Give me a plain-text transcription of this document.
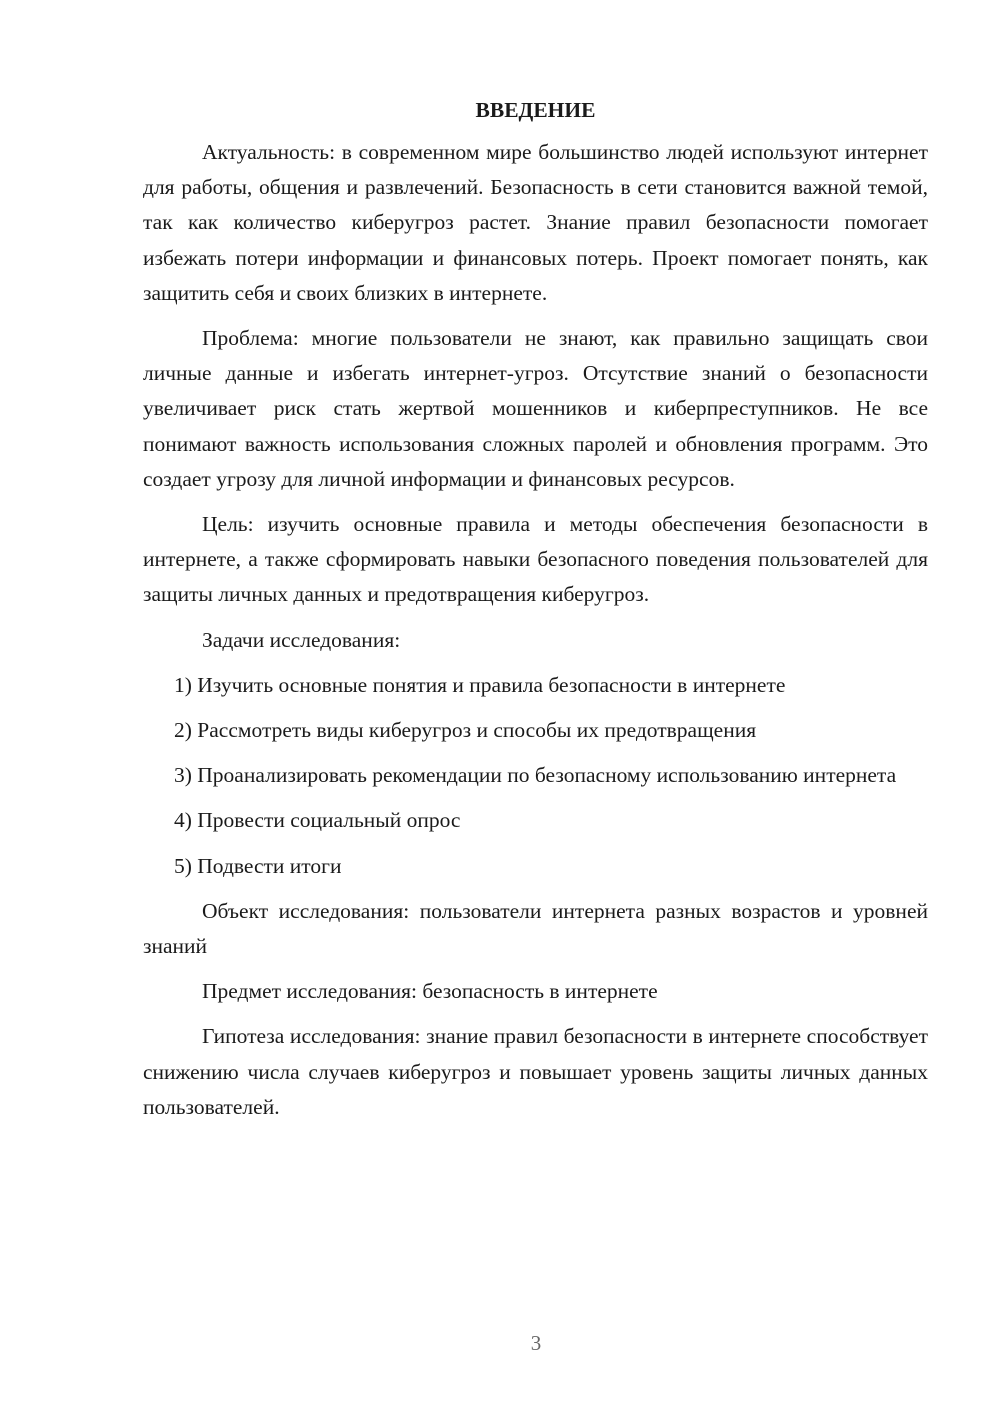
ВВЕДЕНИЕ

Актуальность: в современном мире большинство людей используют интернет для работы, общения и развлечений. Безопасность в сети становится важной темой, так как количество киберугроз растет. Знание правил безопасности помогает избежать потери информации и финансовых потерь. Проект помогает понять, как защитить себя и своих близких в интернете.

Проблема: многие пользователи не знают, как правильно защищать свои личные данные и избегать интернет-угроз. Отсутствие знаний о безопасности увеличивает риск стать жертвой мошенников и киберпреступников. Не все понимают важность использования сложных паролей и обновления программ. Это создает угрозу для личной информации и финансовых ресурсов.

Цель: изучить основные правила и методы обеспечения безопасности в интернете, а также сформировать навыки безопасного поведения пользователей для защиты личных данных и предотвращения киберугроз.

Задачи исследования:

1) Изучить основные понятия и правила безопасности в интернете

2) Рассмотреть виды киберугроз и способы их предотвращения

3) Проанализировать рекомендации по безопасному использованию интернета

4) Провести социальный опрос

5) Подвести итоги

Объект исследования: пользователи интернета разных возрастов и уровней знаний

Предмет исследования: безопасность в интернете

Гипотеза исследования: знание правил безопасности в интернете способствует снижению числа случаев киберугроз и повышает уровень защиты личных данных пользователей.

3
